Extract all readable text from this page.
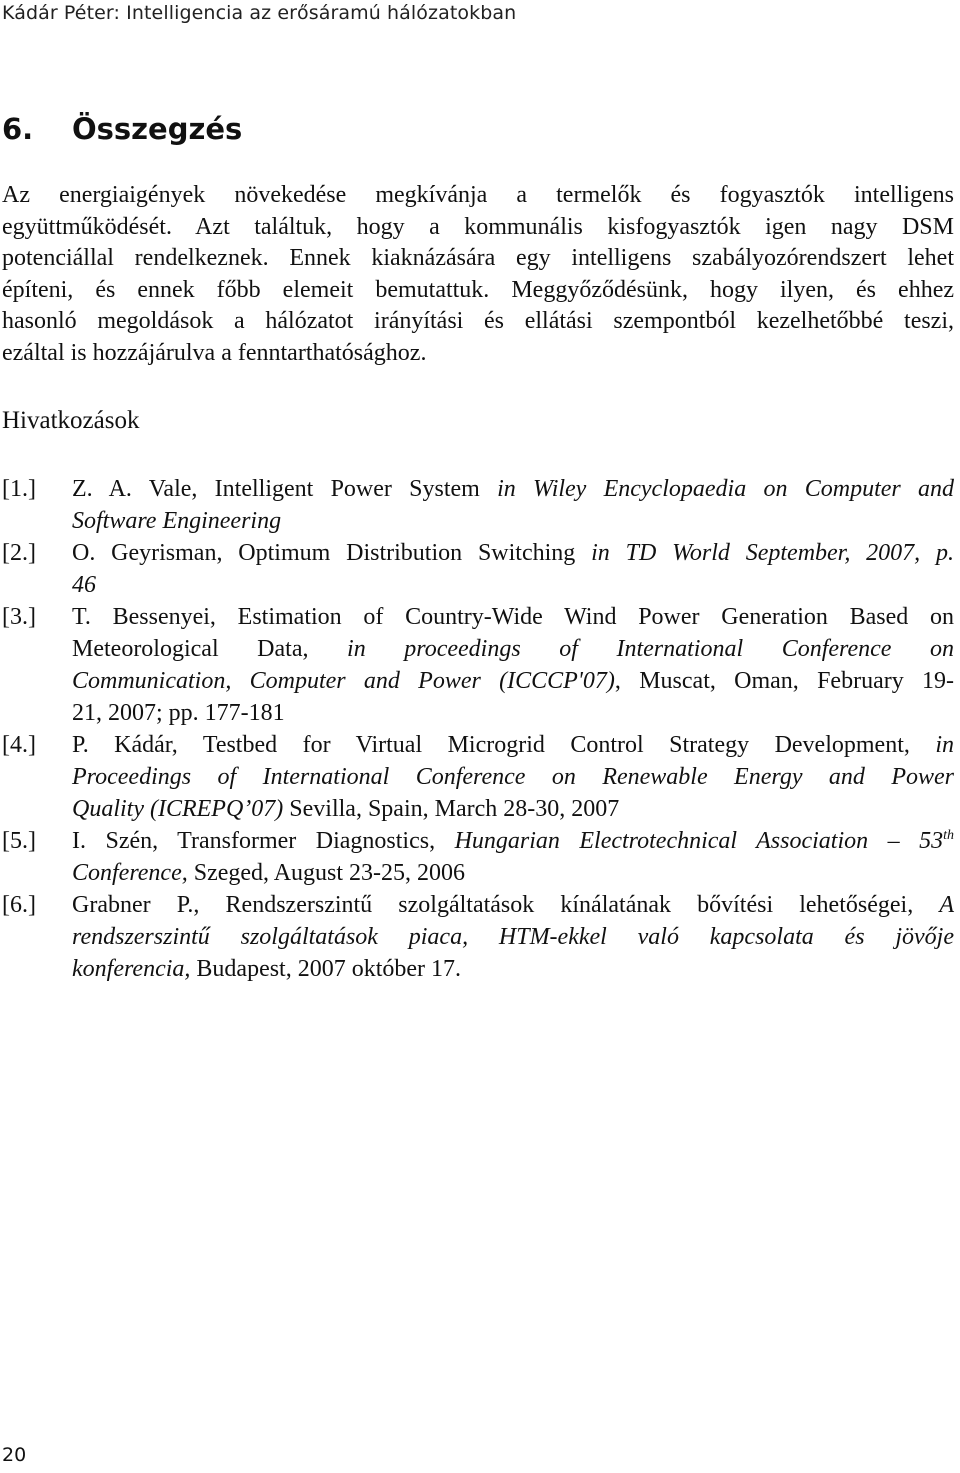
Kádár Péter: Intelligencia az erősáramú hálózatokban
6. Összegzés
Az energiaigények növekedése megkívánja a termelők és fogyasztók intelligens
együttműködését. Azt találtuk, hogy a kommunális kisfogyasztók igen nagy DSM
potenciállal rendelkeznek. Ennek kiaknázására egy intelligens szabályozórendszert lehet
építeni, és ennek főbb elemeit bemutattuk. Meggyőződésünk, hogy ilyen, és ehhez
hasonló megoldások a hálózatot irányítási és ellátási szempontból kezelhetőbbé teszi,
ezáltal is hozzájárulva a fenntarthatósághoz.
Hivatkozások
[1.] Z. A. Vale, Intelligent Power System in Wiley Encyclopaedia on Computer and
Software Engineering
[2.] O. Geyrisman, Optimum Distribution Switching in TD World September, 2007, p.
46
[3.] T. Bessenyei, Estimation of Country-Wide Wind Power Generation Based on
Meteorological Data, in proceedings of International Conference on
Communication, Computer and Power (ICCCP'07), Muscat, Oman, February 19-
21, 2007; pp. 177-181
[4.] P. Kádár, Testbed for Virtual Microgrid Control Strategy Development, in
Proceedings of International Conference on Renewable Energy and Power
Quality (ICREPQ’07) Sevilla, Spain, March 28-30, 2007
[5.] I. Szén, Transformer Diagnostics, Hungarian Electrotechnical Association – 53th
Conference, Szeged, August 23-25, 2006
[6.] Grabner P., Rendszerszintű szolgáltatások kínálatának bővítési lehetőségei, A
rendszerszintű szolgáltatások piaca, HTM-ekkel való kapcsolata és jövője
konferencia, Budapest, 2007 október 17.
20
